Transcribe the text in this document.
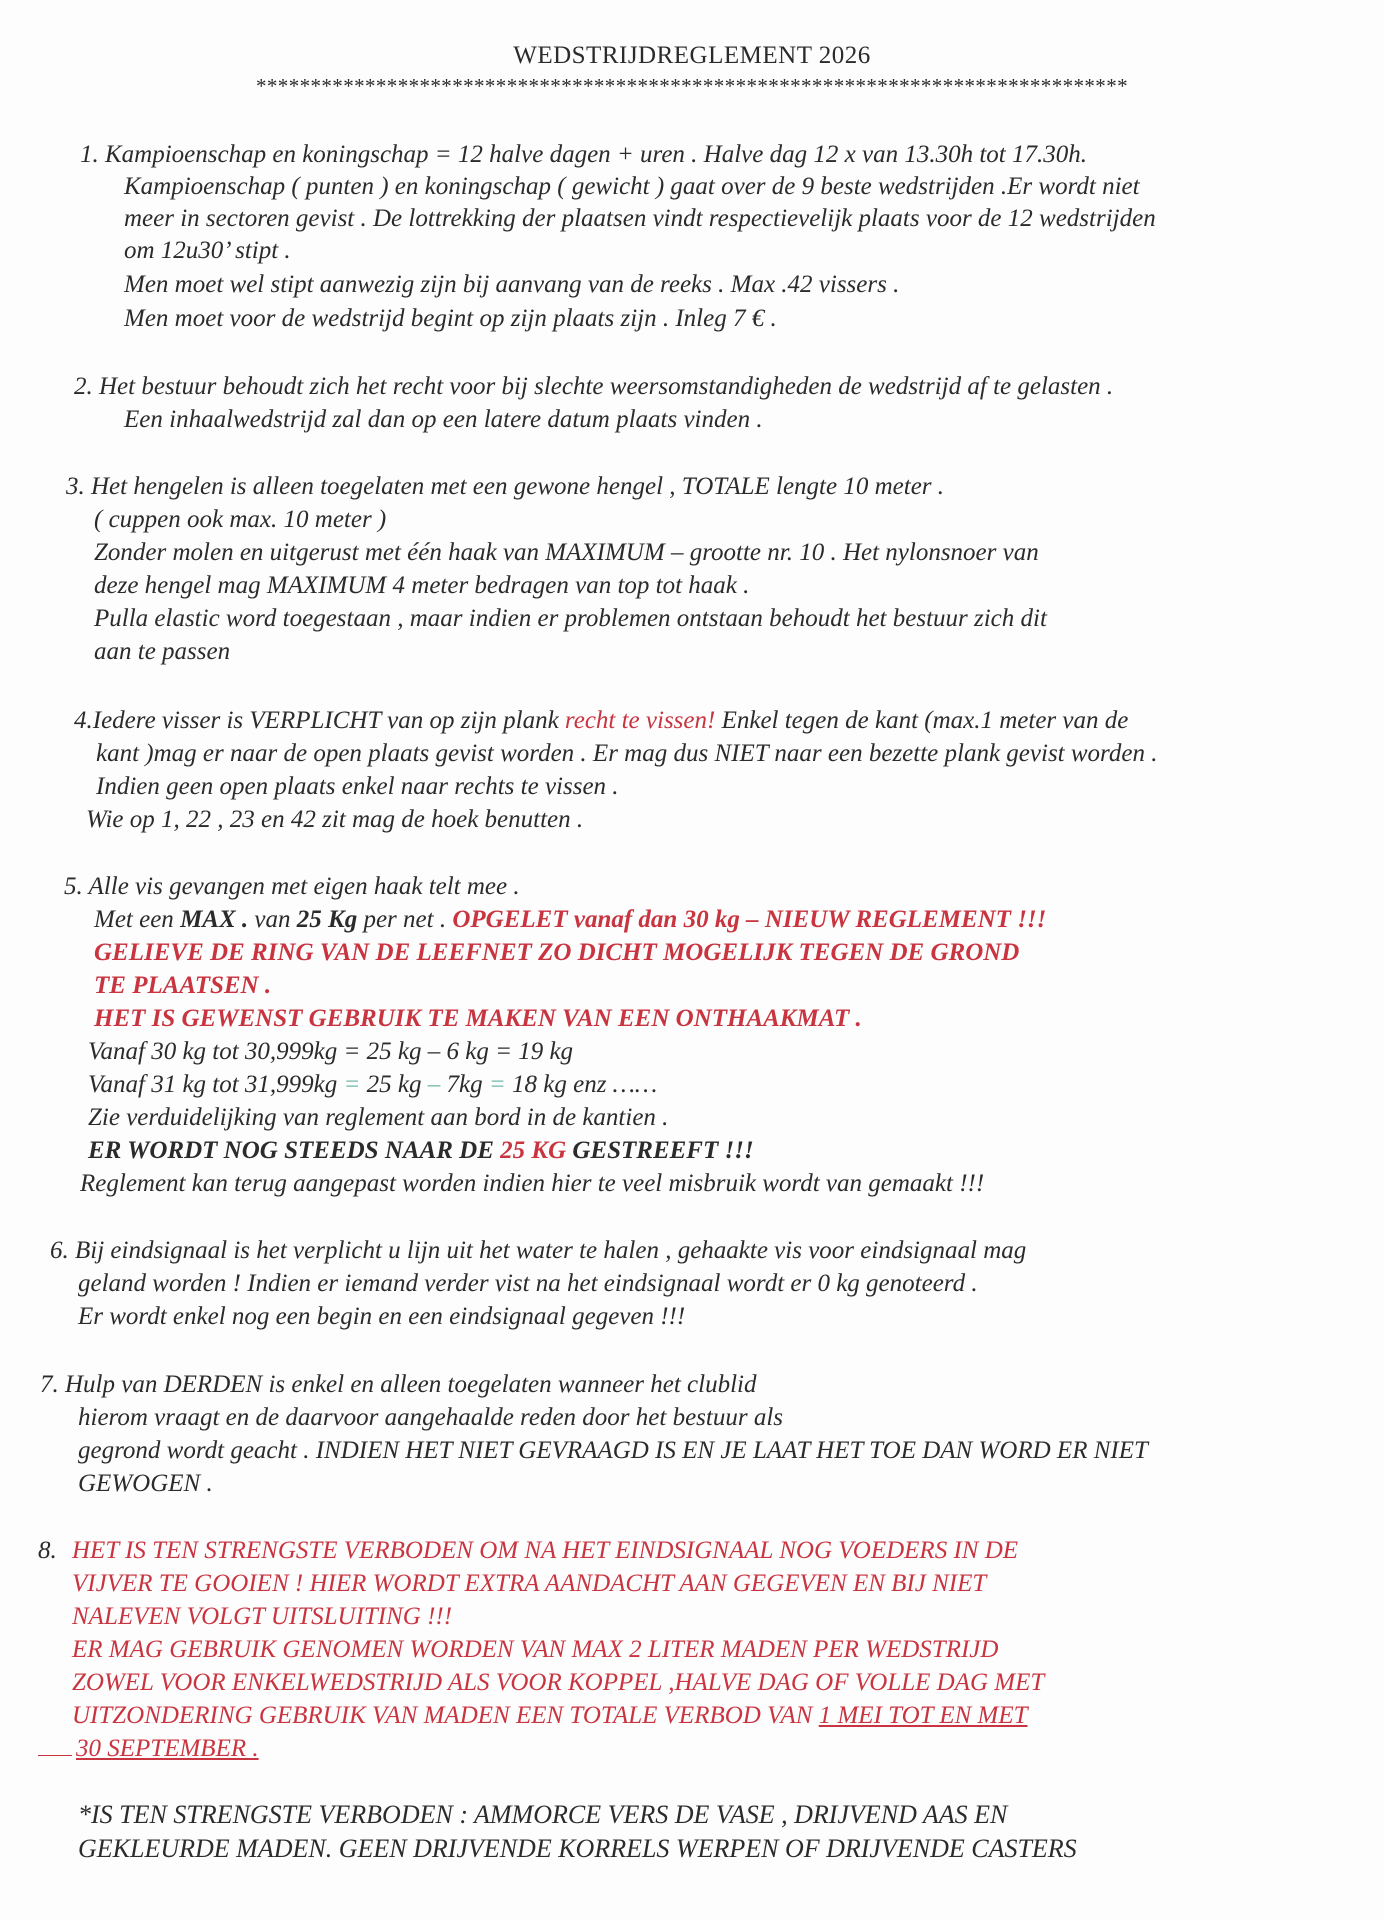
WEDSTRIJDREGLEMENT 2026
********************************************************************************
1. Kampioenschap en koningschap = 12 halve dagen + uren . Halve dag 12 x van 13.30h tot 17.30h.
Kampioenschap ( punten ) en koningschap ( gewicht ) gaat over de 9 beste wedstrijden .Er wordt niet
meer in sectoren gevist . De lottrekking der plaatsen vindt respectievelijk plaats voor de 12 wedstrijden
om 12u30’ stipt .
Men moet wel stipt aanwezig zijn bij aanvang van de reeks . Max .42 vissers .
Men moet voor de wedstrijd begint op zijn plaats zijn . Inleg 7 € .
2. Het bestuur behoudt zich het recht voor bij slechte weersomstandigheden de wedstrijd af te gelasten .
Een inhaalwedstrijd zal dan op een latere datum plaats vinden .
3. Het hengelen is alleen toegelaten met een gewone hengel , TOTALE lengte 10 meter .
( cuppen ook max. 10 meter )
Zonder molen en uitgerust met één haak van MAXIMUM – grootte nr. 10 . Het nylonsnoer van
deze hengel mag MAXIMUM 4 meter bedragen van top tot haak .
Pulla elastic word toegestaan , maar indien er problemen ontstaan behoudt het bestuur zich dit
aan te passen
4.Iedere visser is VERPLICHT van op zijn plank recht te vissen! Enkel tegen de kant (max.1 meter van de
kant )mag er naar de open plaats gevist worden . Er mag dus NIET naar een bezette plank gevist worden .
Indien geen open plaats enkel naar rechts te vissen .
Wie op 1, 22 , 23 en 42 zit mag de hoek benutten .
5. Alle vis gevangen met eigen haak telt mee .
Met een MAX . van 25 Kg per net . OPGELET vanaf dan 30 kg – NIEUW REGLEMENT !!!
GELIEVE DE RING VAN DE LEEFNET ZO DICHT MOGELIJK TEGEN DE GROND
TE PLAATSEN .
HET IS GEWENST GEBRUIK TE MAKEN VAN EEN ONTHAAKMAT .
Vanaf 30 kg tot 30,999kg = 25 kg – 6 kg = 19 kg
Vanaf 31 kg tot 31,999kg = 25 kg – 7kg = 18 kg enz ……
Zie verduidelijking van reglement aan bord in de kantien .
ER WORDT NOG STEEDS NAAR DE 25 KG GESTREEFT !!!
Reglement kan terug aangepast worden indien hier te veel misbruik wordt van gemaakt !!!
6. Bij eindsignaal is het verplicht u lijn uit het water te halen , gehaakte vis voor eindsignaal mag
geland worden ! Indien er iemand verder vist na het eindsignaal wordt er 0 kg genoteerd .
Er wordt enkel nog een begin en een eindsignaal gegeven !!!
7. Hulp van DERDEN is enkel en alleen toegelaten wanneer het clublid
hierom vraagt en de daarvoor aangehaalde reden door het bestuur als
gegrond wordt geacht . INDIEN HET NIET GEVRAAGD IS EN JE LAAT HET TOE DAN WORD ER NIET
GEWOGEN .
8. HET IS TEN STRENGSTE VERBODEN OM NA HET EINDSIGNAAL NOG VOEDERS IN DE
VIJVER TE GOOIEN ! HIER WORDT EXTRA AANDACHT AAN GEGEVEN EN BIJ NIET
NALEVEN VOLGT UITSLUITING !!!
ER MAG GEBRUIK GENOMEN WORDEN VAN MAX 2 LITER MADEN PER WEDSTRIJD
ZOWEL VOOR ENKELWEDSTRIJD ALS VOOR KOPPEL ,HALVE DAG OF VOLLE DAG MET
UITZONDERING GEBRUIK VAN MADEN EEN TOTALE VERBOD VAN 1 MEI TOT EN MET
30 SEPTEMBER .
*IS TEN STRENGSTE VERBODEN : AMMORCE VERS DE VASE , DRIJVEND AAS EN
GEKLEURDE MADEN. GEEN DRIJVENDE KORRELS WERPEN OF DRIJVENDE CASTERS
